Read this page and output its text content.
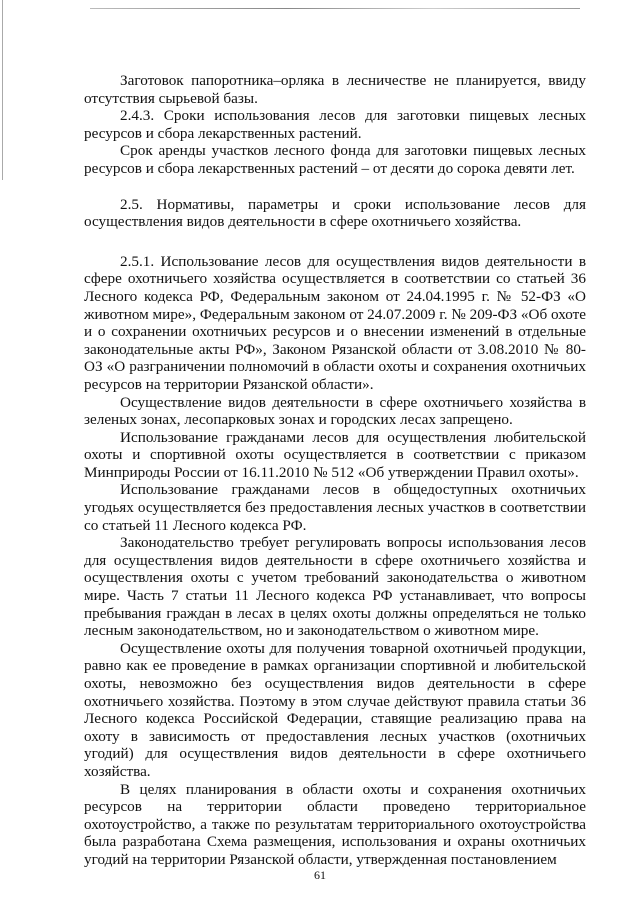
Заготовок папоротника–орляка в лесничестве не планируется, ввиду отсутствия сырьевой базы.

2.4.3. Сроки использования лесов для заготовки пищевых лесных ресурсов и сбора лекарственных растений.

Срок аренды участков лесного фонда для заготовки пищевых лесных ресурсов и сбора лекарственных растений – от десяти до сорока девяти лет.

2.5. Нормативы, параметры и сроки использование лесов для осуществления видов деятельности в сфере охотничьего хозяйства.

2.5.1. Использование лесов для осуществления видов деятельности в сфере охотничьего хозяйства осуществляется в соответствии со статьей 36 Лесного кодекса РФ, Федеральным законом от 24.04.1995 г. № 52-ФЗ «О животном мире», Федеральным законом от 24.07.2009 г. № 209-ФЗ «Об охоте и о сохранении охотничьих ресурсов и о внесении изменений в отдельные законодательные акты РФ», Законом Рязанской области от 3.08.2010 № 80-ОЗ «О разграничении полномочий в области охоты и сохранения охотничьих ресурсов на территории Рязанской области».

Осуществление видов деятельности в сфере охотничьего хозяйства в зеленых зонах, лесопарковых зонах и городских лесах запрещено.

Использование гражданами лесов для осуществления любительской охоты и спортивной охоты осуществляется в соответствии с приказом Минприроды России от 16.11.2010 № 512 «Об утверждении Правил охоты».

Использование гражданами лесов в общедоступных охотничьих угодьях осуществляется без предоставления лесных участков в соответствии со статьей 11 Лесного кодекса РФ.

Законодательство требует регулировать вопросы использования лесов для осуществления видов деятельности в сфере охотничьего хозяйства и осуществления охоты с учетом требований законодательства о животном мире. Часть 7 статьи 11 Лесного кодекса РФ устанавливает, что вопросы пребывания граждан в лесах в целях охоты должны определяться не только лесным законодательством, но и законодательством о животном мире.

Осуществление охоты для получения товарной охотничьей продукции, равно как ее проведение в рамках организации спортивной и любительской охоты, невозможно без осуществления видов деятельности в сфере охотничьего хозяйства. Поэтому в этом случае действуют правила статьи 36 Лесного кодекса Российской Федерации, ставящие реализацию права на охоту в зависимость от предоставления лесных участков (охотничьих угодий) для осуществления видов деятельности в сфере охотничьего хозяйства.

В целях планирования в области охоты и сохранения охотничьих ресурсов на территории области проведено территориальное охотоустройство, а также по результатам территориального охотоустройства была разработана Схема размещения, использования и охраны охотничьих угодий на территории Рязанской области, утвержденная постановлением

61
